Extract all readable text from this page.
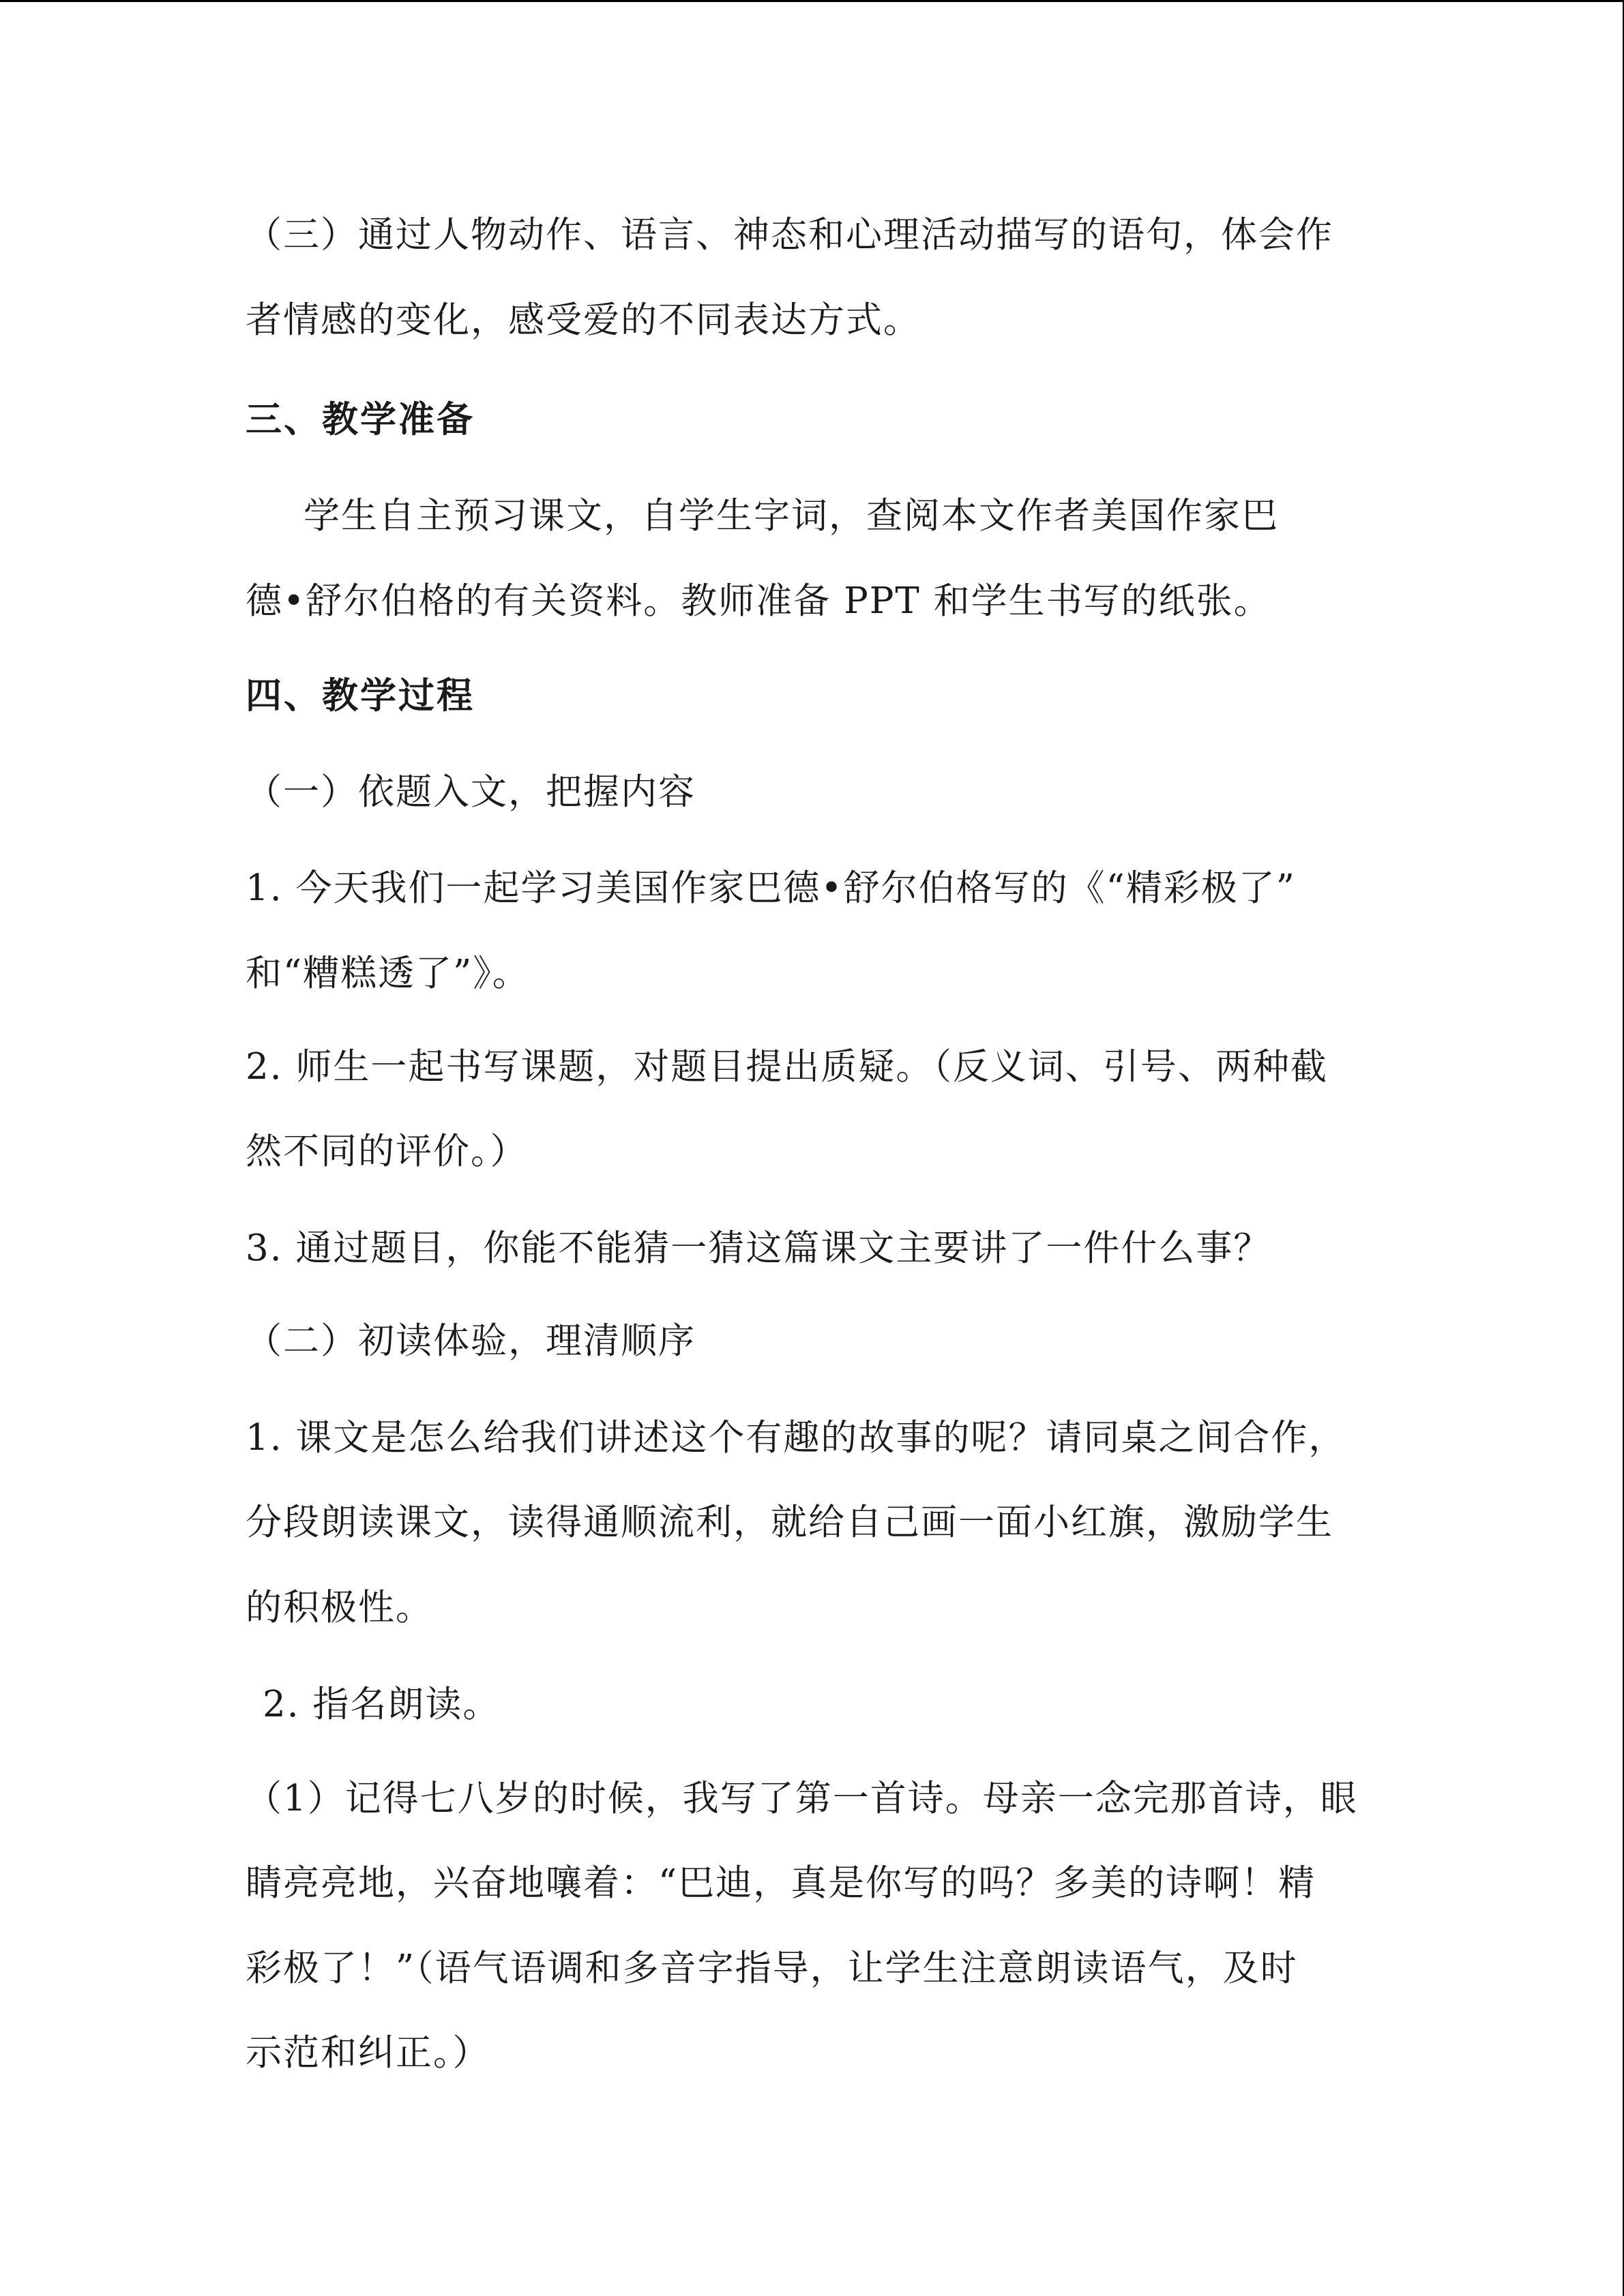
（三）通过人物动作、语言、神态和心理活动描写的语句，体会作
者情感的变化，感受爱的不同表达方式。
三、教学准备
学生自主预习课文，自学生字词，查阅本文作者美国作家巴
德•舒尔伯格的有关资料。教师准备 PPT 和学生书写的纸张。
四、教学过程
（一）依题入文，把握内容
1. 今天我们一起学习美国作家巴德•舒尔伯格写的《“精彩极了”
和“糟糕透了”》。
2. 师生一起书写课题，对题目提出质疑。（反义词、引号、两种截
然不同的评价。）
3. 通过题目，你能不能猜一猜这篇课文主要讲了一件什么事？
（二）初读体验，理清顺序
1. 课文是怎么给我们讲述这个有趣的故事的呢？请同桌之间合作，
分段朗读课文，读得通顺流利，就给自己画一面小红旗，激励学生
的积极性。
2. 指名朗读。
（1）记得七八岁的时候，我写了第一首诗。母亲一念完那首诗，眼
睛亮亮地，兴奋地嚷着：“巴迪，真是你写的吗？多美的诗啊！精
彩极了！”（语气语调和多音字指导，让学生注意朗读语气，及时
示范和纠正。）
